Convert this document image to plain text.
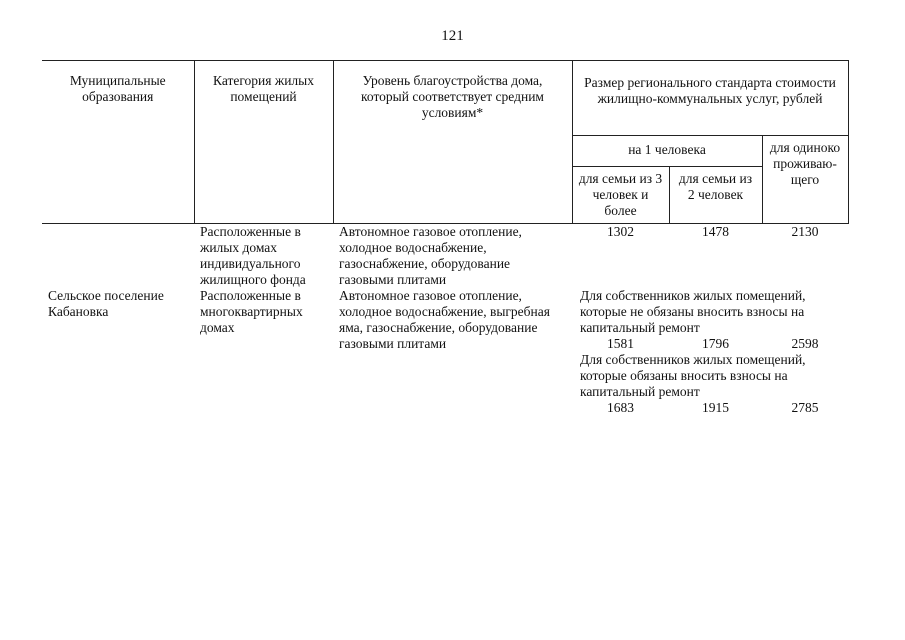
121
Муниципальные образования	Категория жилых помещений	Уровень благоустройства дома, который соответствует средним условиям*	Размер регионального стандарта стоимости жилищно-коммунальных услуг, рублей		
			на 1 человека		для одиноко проживаю-щего
			для семьи из 3 человек и более	для семьи из 2 человек	
	Расположенные в жилых домах индивидуального жилищного фонда	Автономное газовое отопление, холодное водоснабжение, газоснабжение, оборудование газовыми плитами	1302	1478	2130
Сельское поселение Кабановка	Расположенные в многоквартирных домах	Автономное газовое отопление, холодное водоснабжение, выгребная яма, газоснабжение, оборудование газовыми плитами	Для собственников жилых помещений, которые не обязаны вносить взносы на капитальный ремонт		
			1581	1796	2598
			Для собственников жилых помещений, которые обязаны вносить взносы на капитальный ремонт		
			1683	1915	2785
